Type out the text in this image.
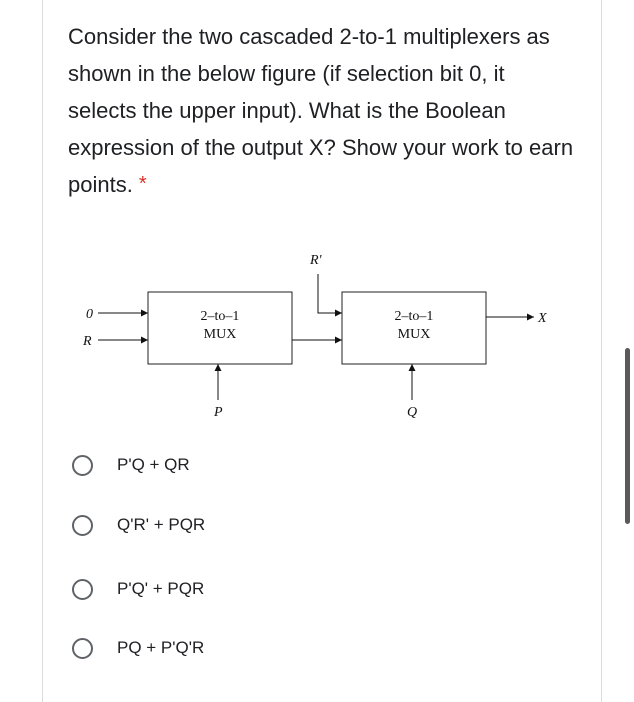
Consider the two cascaded 2-to-1 multiplexers as shown in the below figure (if selection bit 0, it selects the upper input). What is the Boolean expression of the output X? Show your work to earn points. *
0
R
R'
2–to–1
MUX
2–to–1
MUX
P	Q
X
P'Q + QR
Q'R' + PQR
P'Q' + PQR
PQ + P'Q'R
